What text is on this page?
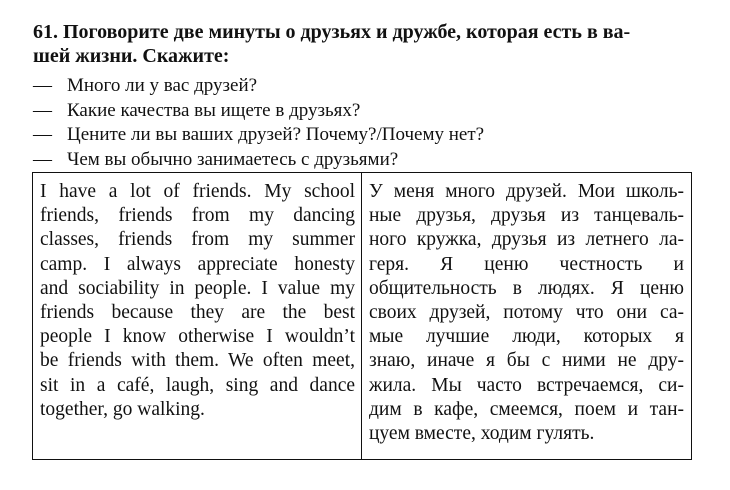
61. Поговорите две минуты о друзьях и дружбе, которая есть в ва-
шей жизни. Скажите:

— Много ли у вас друзей?
— Какие качества вы ищете в друзьях?
— Цените ли вы ваших друзей? Почему?/Почему нет?
— Чем вы обычно занимаетесь с друзьями?
I have a lot of friends. My school
friends, friends from my dancing
classes, friends from my summer
camp. I always appreciate honesty
and sociability in people. I value my
friends because they are the best
people I know otherwise I wouldn’t
be friends with them. We often meet,
sit in a café, laugh, sing and dance
together, go walking.
У меня много друзей. Мои школь-
ные друзья, друзья из танцеваль-
ного кружка, друзья из летнего ла-
геря. Я ценю честность и
общительность в людях. Я ценю
своих друзей, потому что они са-
мые лучшие люди, которых я
знаю, иначе я бы с ними не дру-
жила. Мы часто встречаемся, си-
дим в кафе, смеемся, поем и тан-
цуем вместе, ходим гулять.
